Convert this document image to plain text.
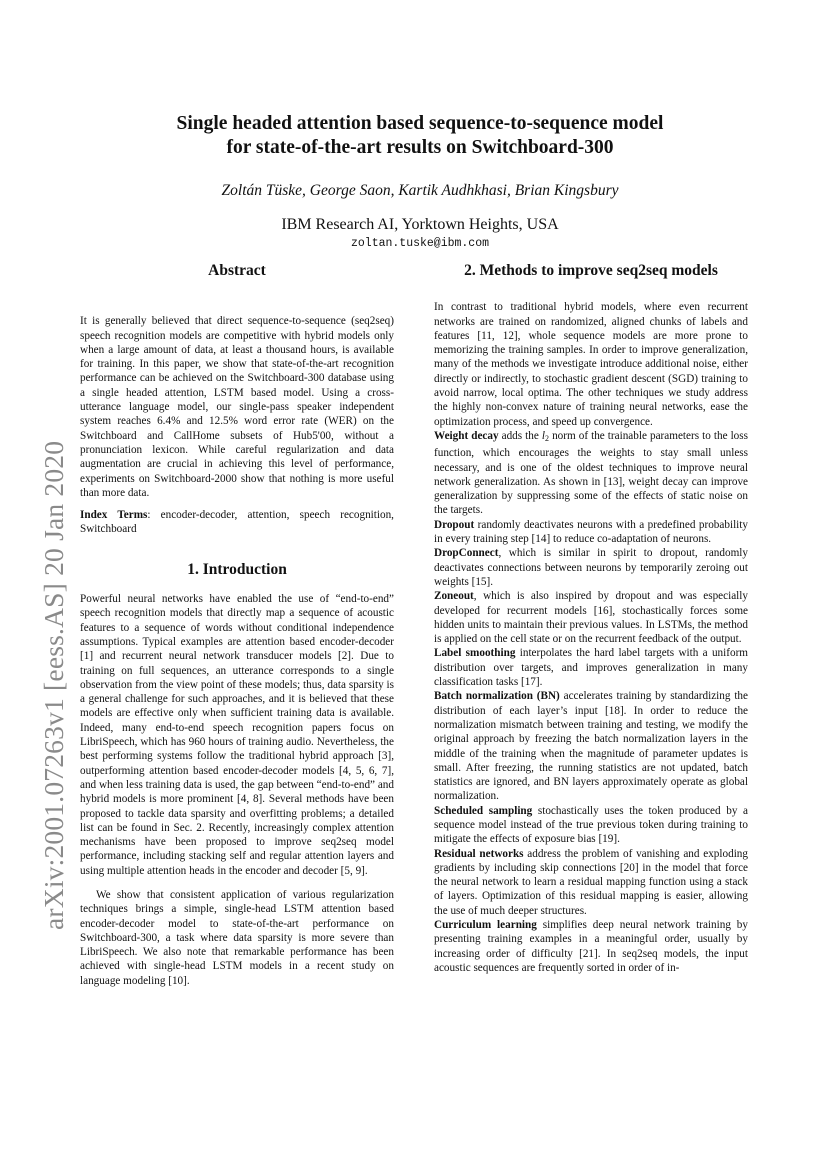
arXiv:2001.07263v1 [eess.AS] 20 Jan 2020
Single headed attention based sequence-to-sequence model
for state-of-the-art results on Switchboard-300
Zoltán Tüske, George Saon, Kartik Audhkhasi, Brian Kingsbury
IBM Research AI, Yorktown Heights, USA
zoltan.tuske@ibm.com
Abstract

It is generally believed that direct sequence-to-sequence (seq2seq) speech recognition models are competitive with hybrid models only when a large amount of data, at least a thousand hours, is available for training. In this paper, we show that state-of-the-art recognition performance can be achieved on the Switchboard-300 database using a single headed attention, LSTM based model. Using a cross-utterance language model, our single-pass speaker independent system reaches 6.4% and 12.5% word error rate (WER) on the Switchboard and CallHome subsets of Hub5'00, without a pronunciation lexicon. While careful regularization and data augmentation are crucial in achieving this level of performance, experiments on Switchboard-2000 show that nothing is more useful than more data.

Index Terms: encoder-decoder, attention, speech recognition, Switchboard

1. Introduction

Powerful neural networks have enabled the use of “end-to-end” speech recognition models that directly map a sequence of acoustic features to a sequence of words without conditional independence assumptions. Typical examples are attention based encoder-decoder [1] and recurrent neural network transducer models [2]. Due to training on full sequences, an utterance corresponds to a single observation from the view point of these models; thus, data sparsity is a general challenge for such approaches, and it is believed that these models are effective only when sufficient training data is available. Indeed, many end-to-end speech recognition papers focus on LibriSpeech, which has 960 hours of training audio. Nevertheless, the best performing systems follow the traditional hybrid approach [3], outperforming attention based encoder-decoder models [4, 5, 6, 7], and when less training data is used, the gap between “end-to-end” and hybrid models is more prominent [4, 8]. Several methods have been proposed to tackle data sparsity and overfitting problems; a detailed list can be found in Sec. 2. Recently, increasingly complex attention mechanisms have been proposed to improve seq2seq model performance, including stacking self and regular attention layers and using multiple attention heads in the encoder and decoder [5, 9].

We show that consistent application of various regularization techniques brings a simple, single-head LSTM attention based encoder-decoder model to state-of-the-art performance on Switchboard-300, a task where data sparsity is more severe than LibriSpeech. We also note that remarkable performance has been achieved with single-head LSTM models in a recent study on language modeling [10].

2. Methods to improve seq2seq models

In contrast to traditional hybrid models, where even recurrent networks are trained on randomized, aligned chunks of labels and features [11, 12], whole sequence models are more prone to memorizing the training samples. In order to improve generalization, many of the methods we investigate introduce additional noise, either directly or indirectly, to stochastic gradient descent (SGD) training to avoid narrow, local optima. The other techniques we study address the highly non-convex nature of training neural networks, ease the optimization process, and speed up convergence.

Weight decay adds the $l_2$ norm of the trainable parameters to the loss function, which encourages the weights to stay small unless necessary, and is one of the oldest techniques to improve neural network generalization. As shown in [13], weight decay can improve generalization by suppressing some of the effects of static noise on the targets.

Dropout randomly deactivates neurons with a predefined probability in every training step [14] to reduce co-adaptation of neurons.

DropConnect, which is similar in spirit to dropout, randomly deactivates connections between neurons by temporarily zeroing out weights [15].

Zoneout, which is also inspired by dropout and was especially developed for recurrent models [16], stochastically forces some hidden units to maintain their previous values. In LSTMs, the method is applied on the cell state or on the recurrent feedback of the output.

Label smoothing interpolates the hard label targets with a uniform distribution over targets, and improves generalization in many classification tasks [17].

Batch normalization (BN) accelerates training by standardizing the distribution of each layer’s input [18]. In order to reduce the normalization mismatch between training and testing, we modify the original approach by freezing the batch normalization layers in the middle of the training when the magnitude of parameter updates is small. After freezing, the running statistics are not updated, batch statistics are ignored, and BN layers approximately operate as global normalization.

Scheduled sampling stochastically uses the token produced by a sequence model instead of the true previous token during training to mitigate the effects of exposure bias [19].

Residual networks address the problem of vanishing and exploding gradients by including skip connections [20] in the model that force the neural network to learn a residual mapping function using a stack of layers. Optimization of this residual mapping is easier, allowing the use of much deeper structures.

Curriculum learning simplifies deep neural network training by presenting training examples in a meaningful order, usually by increasing order of difficulty [21]. In seq2seq models, the input acoustic sequences are frequently sorted in order of in-
